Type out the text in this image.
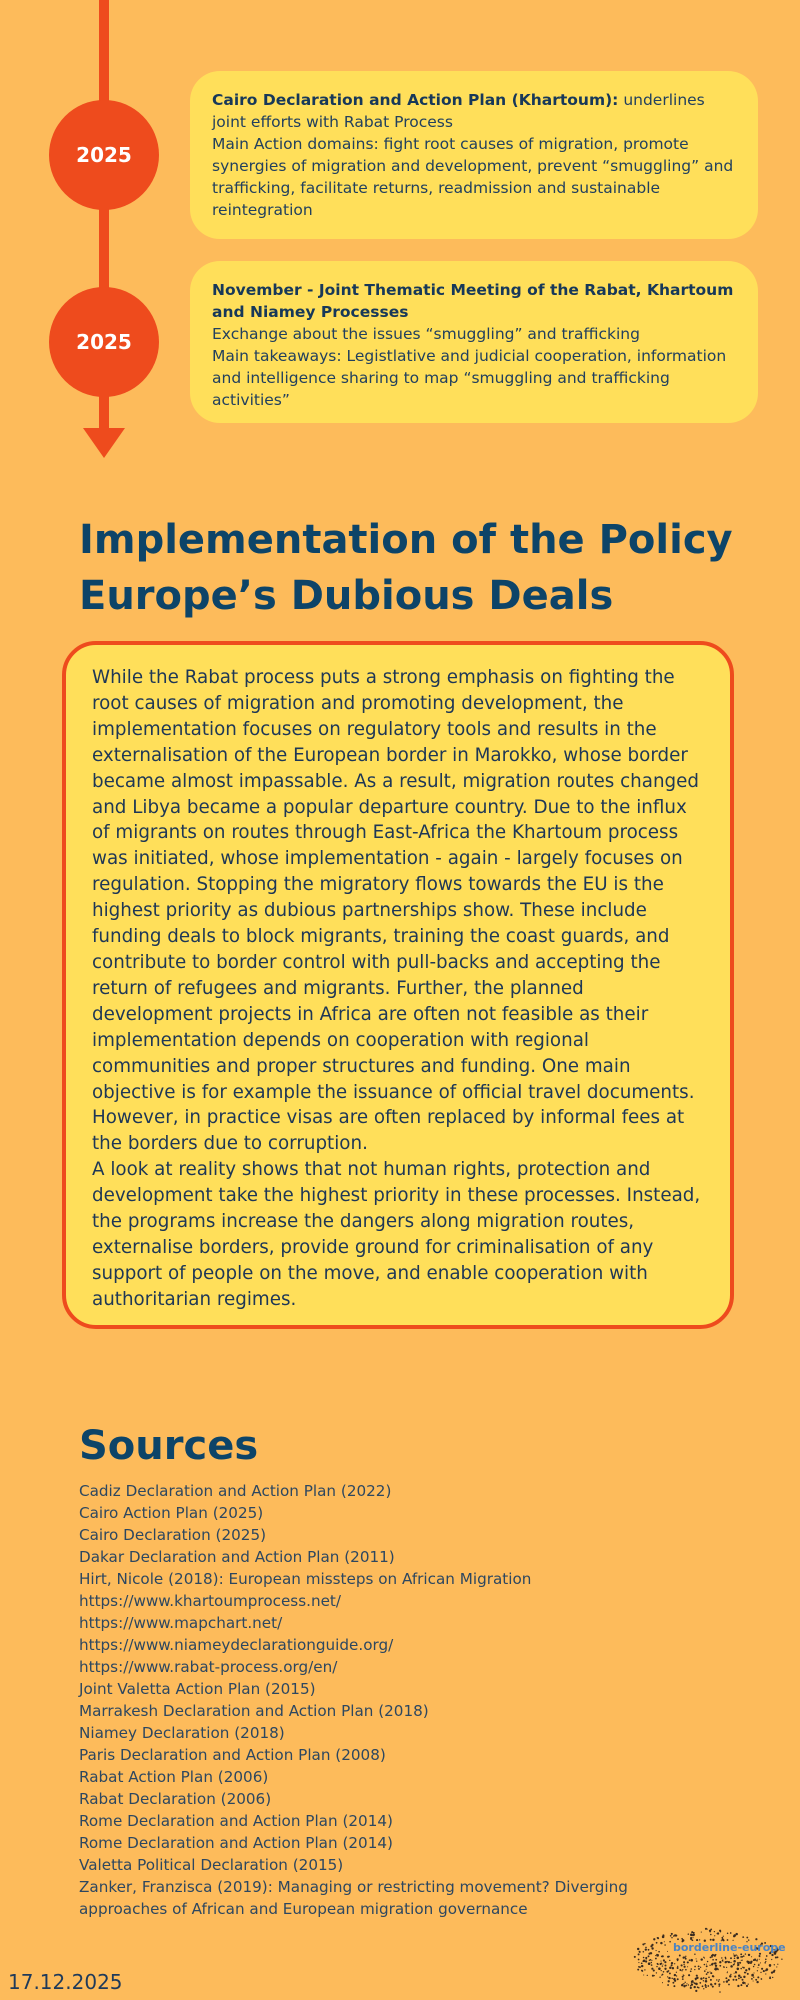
2025
Cairo Declaration and Action Plan (Khartoum): underlines joint efforts with Rabat Process
Main Action domains: fight root causes of migration, promote synergies of migration and development, prevent “smuggling” and trafficking, facilitate returns, readmission and sustainable reintegration
2025
November - Joint Thematic Meeting of the Rabat, Khartoum and Niamey Processes
Exchange about the issues “smuggling” and trafficking
Main takeaways: Legistlative and judicial cooperation, information and intelligence sharing to map “smuggling and trafficking activities”
Implementation of the Policy
Europe’s Dubious Deals

While the Rabat process puts a strong emphasis on fighting the root causes of migration and promoting development, the implementation focuses on regulatory tools and results in the externalisation of the European border in Marokko, whose border became almost impassable. As a result, migration routes changed and Libya became a popular departure country. Due to the influx of migrants on routes through East-Africa the Khartoum process was initiated, whose implementation - again - largely focuses on regulation. Stopping the migratory flows towards the EU is the highest priority as dubious partnerships show. These include funding deals to block migrants, training the coast guards, and contribute to border control with pull-backs and accepting the return of refugees and migrants. Further, the planned development projects in Africa are often not feasible as their implementation depends on cooperation with regional communities and proper structures and funding. One main objective is for example the issuance of official travel documents. However, in practice visas are often replaced by informal fees at the borders due to corruption.

A look at reality shows that not human rights, protection and development take the highest priority in these processes. Instead, the programs increase the dangers along migration routes, externalise borders, provide ground for criminalisation of any support of people on the move, and enable cooperation with authoritarian regimes.

Sources
Cadiz Declaration and Action Plan (2022)
Cairo Action Plan (2025)
Cairo Declaration (2025)
Dakar Declaration and Action Plan (2011)
Hirt, Nicole (2018): European missteps on African Migration
https://www.khartoumprocess.net/
https://www.mapchart.net/
https://www.niameydeclarationguide.org/
https://www.rabat-process.org/en/
Joint Valetta Action Plan (2015)
Marrakesh Declaration and Action Plan (2018)
Niamey Declaration (2018)
Paris Declaration and Action Plan (2008)
Rabat Action Plan (2006)
Rabat Declaration (2006)
Rome Declaration and Action Plan (2014)
Rome Declaration and Action Plan (2014)
Valetta Political Declaration (2015)
Zanker, Franzisca (2019): Managing or restricting movement? Diverging approaches of African and European migration governance
17.12.2025
borderline-europe
